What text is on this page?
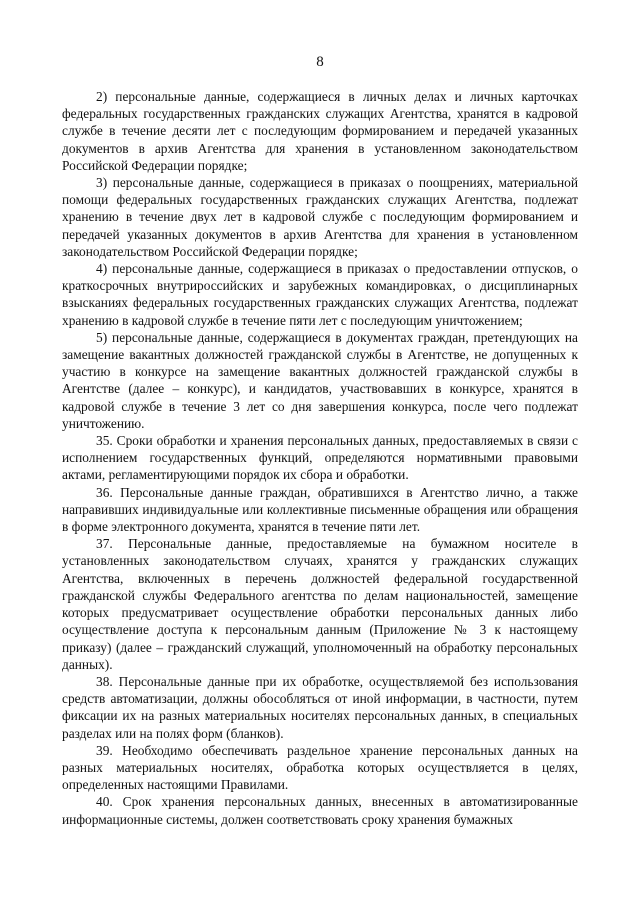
8

2) персональные данные, содержащиеся в личных делах и личных карточках федеральных государственных гражданских служащих Агентства, хранятся в кадровой службе в течение десяти лет с последующим формированием и передачей указанных документов в архив Агентства для хранения в установленном законодательством Российской Федерации порядке;

3) персональные данные, содержащиеся в приказах о поощрениях, материальной помощи федеральных государственных гражданских служащих Агентства, подлежат хранению в течение двух лет в кадровой службе с последующим формированием и передачей указанных документов в архив Агентства для хранения в установленном законодательством Российской Федерации порядке;

4) персональные данные, содержащиеся в приказах о предоставлении отпусков, о краткосрочных внутрироссийских и зарубежных командировках, о дисциплинарных взысканиях федеральных государственных гражданских служащих Агентства, подлежат хранению в кадровой службе в течение пяти лет с последующим уничтожением;

5) персональные данные, содержащиеся в документах граждан, претендующих на замещение вакантных должностей гражданской службы в Агентстве, не допущенных к участию в конкурсе на замещение вакантных должностей гражданской службы в Агентстве (далее – конкурс), и кандидатов, участвовавших в конкурсе, хранятся в кадровой службе в течение 3 лет со дня завершения конкурса, после чего подлежат уничтожению.

35. Сроки обработки и хранения персональных данных, предоставляемых в связи с исполнением государственных функций, определяются нормативными правовыми актами, регламентирующими порядок их сбора и обработки.

36. Персональные данные граждан, обратившихся в Агентство лично, а также направивших индивидуальные или коллективные письменные обращения или обращения в форме электронного документа, хранятся в течение пяти лет.

37. Персональные данные, предоставляемые на бумажном носителе в установленных законодательством случаях, хранятся у гражданских служащих Агентства, включенных в перечень должностей федеральной государственной гражданской службы Федерального агентства по делам национальностей, замещение которых предусматривает осуществление обработки персональных данных либо осуществление доступа к персональным данным (Приложение № 3 к настоящему приказу) (далее – гражданский служащий, уполномоченный на обработку персональных данных).

38. Персональные данные при их обработке, осуществляемой без использования средств автоматизации, должны обособляться от иной информации, в частности, путем фиксации их на разных материальных носителях персональных данных, в специальных разделах или на полях форм (бланков).

39. Необходимо обеспечивать раздельное хранение персональных данных на разных материальных носителях, обработка которых осуществляется в целях, определенных настоящими Правилами.

40. Срок хранения персональных данных, внесенных в автоматизированные информационные системы, должен соответствовать сроку хранения бумажных
